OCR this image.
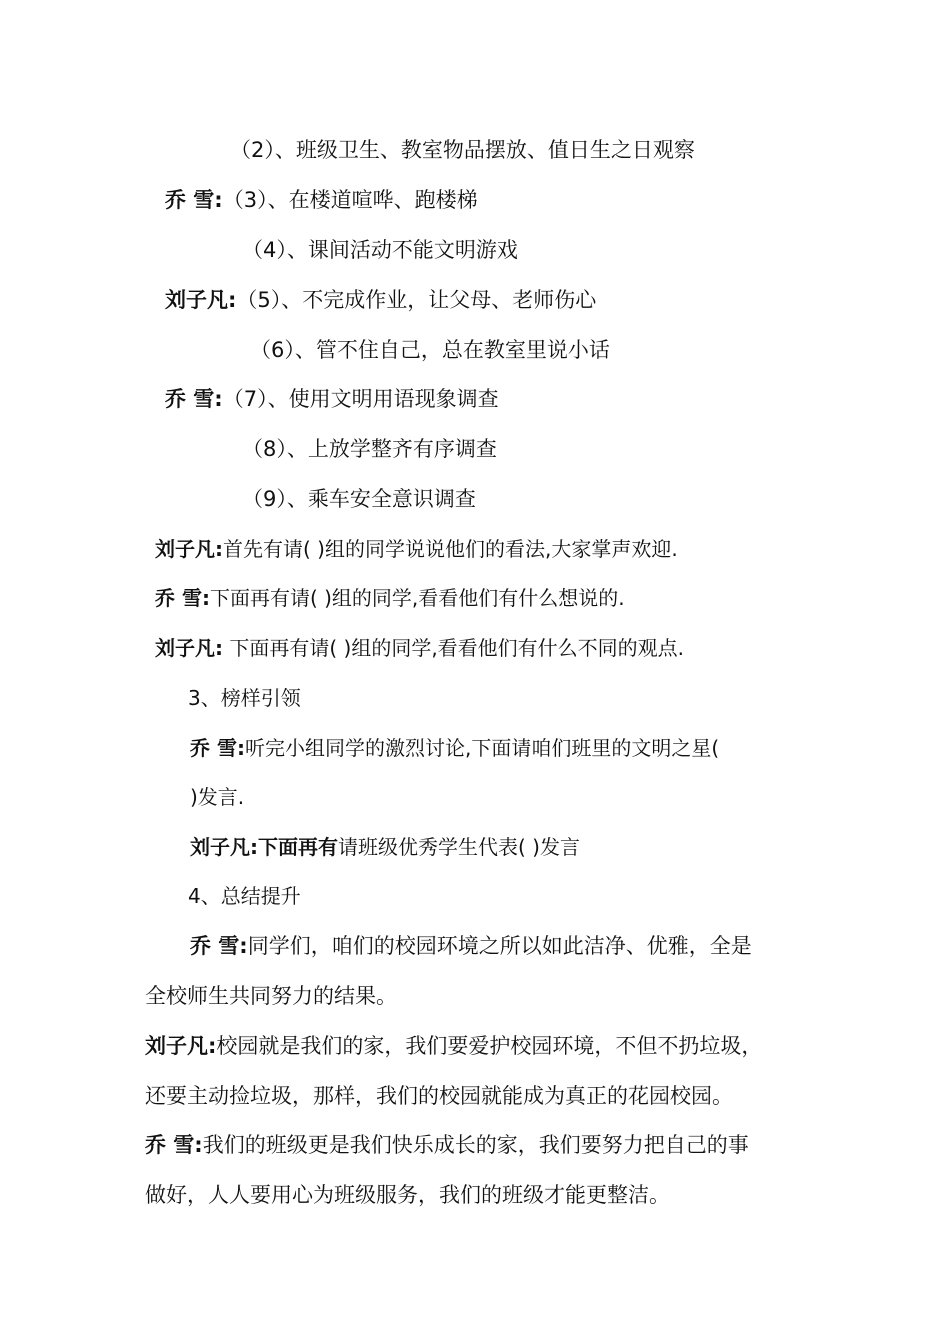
（2）、班级卫生、教室物品摆放、值日生之日观察
乔 雪:（3）、在楼道喧哗、跑楼梯
（4）、课间活动不能文明游戏
刘子凡:（5）、不完成作业，让父母、老师伤心
（6）、管不住自己，总在教室里说小话
乔 雪:（7）、使用文明用语现象调查
（8）、上放学整齐有序调查
（9）、乘车安全意识调查
刘子凡:首先有请( )组的同学说说他们的看法,大家掌声欢迎.
乔 雪:下面再有请( )组的同学,看看他们有什么想说的.
刘子凡: 下面再有请( )组的同学,看看他们有什么不同的观点.
3、榜样引领
乔 雪:听完小组同学的激烈讨论,下面请咱们班里的文明之星(
)发言.
刘子凡:下面再有请班级优秀学生代表( )发言
4、总结提升
乔 雪:同学们，咱们的校园环境之所以如此洁净、优雅，全是
全校师生共同努力的结果。
刘子凡:校园就是我们的家，我们要爱护校园环境，不但不扔垃圾，
还要主动捡垃圾，那样，我们的校园就能成为真正的花园校园。
乔 雪:我们的班级更是我们快乐成长的家，我们要努力把自己的事
做好，人人要用心为班级服务，我们的班级才能更整洁。
